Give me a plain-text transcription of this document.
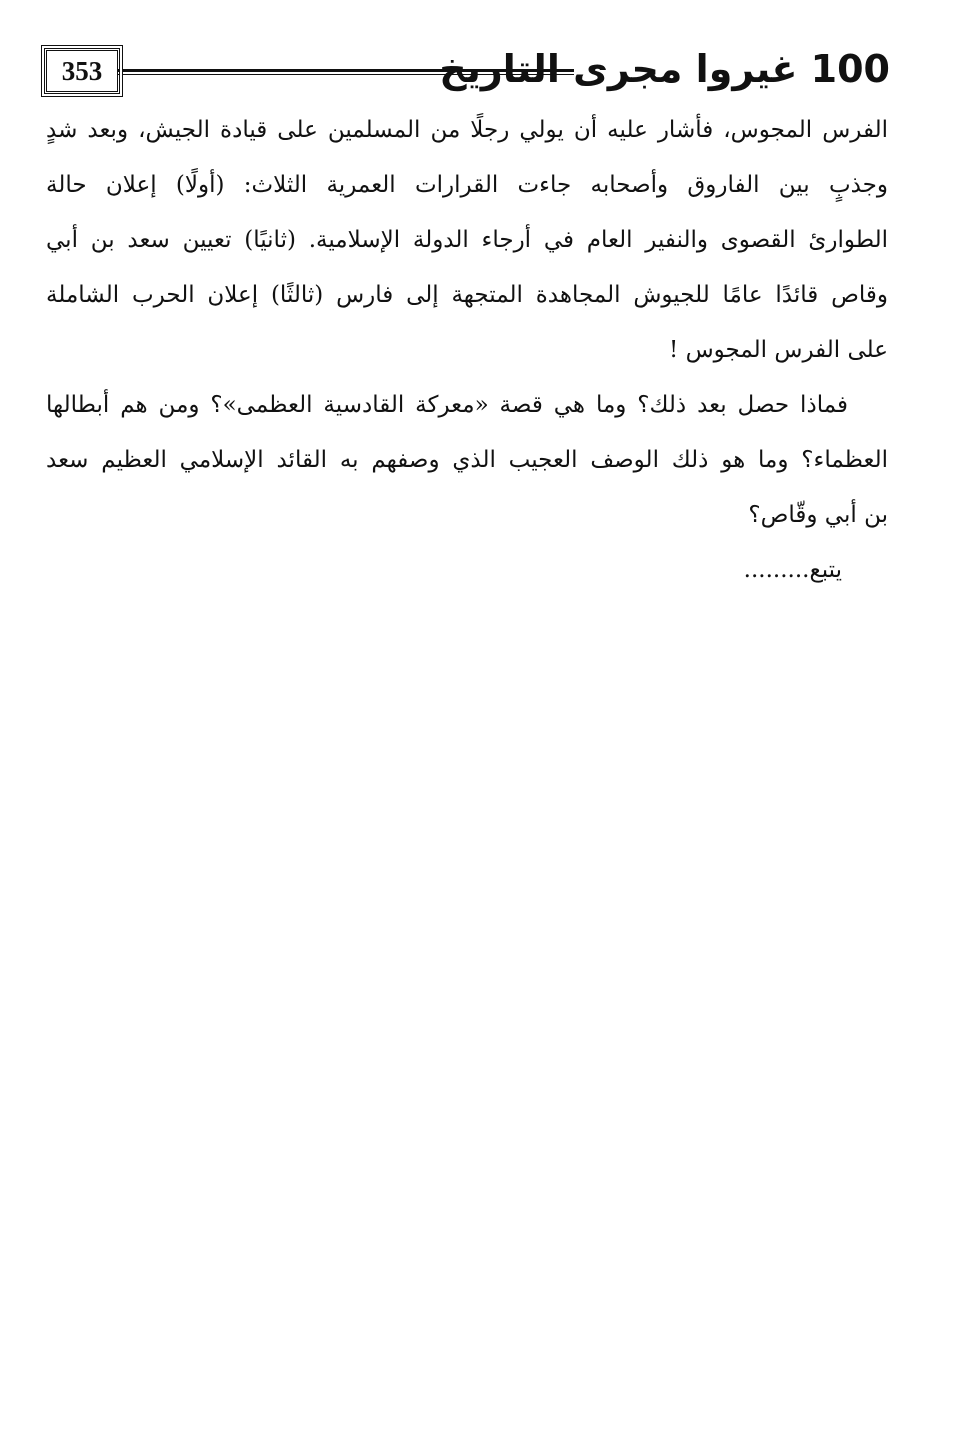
100 غيروا مجرى التاريخ
353
الفرس المجوس، فأشار عليه أن يولي رجلًا من المسلمين على قيادة الجيش، وبعد شدٍ
وجذبٍ بين الفاروق وأصحابه جاءت القرارات العمرية الثلاث: (أولًا) إعلان حالة
الطوارئ القصوى والنفير العام في أرجاء الدولة الإسلامية. (ثانيًا) تعيين سعد بن أبي
وقاص قائدًا عامًا للجيوش المجاهدة المتجهة إلى فارس (ثالثًا) إعلان الحرب الشاملة
على الفرس المجوس !
فماذا حصل بعد ذلك؟ وما هي قصة «معركة القادسية العظمى»؟ ومن هم أبطالها
العظماء؟ وما هو ذلك الوصف العجيب الذي وصفهم به القائد الإسلامي العظيم سعد
بن أبي وقّاص؟
يتبع.........
